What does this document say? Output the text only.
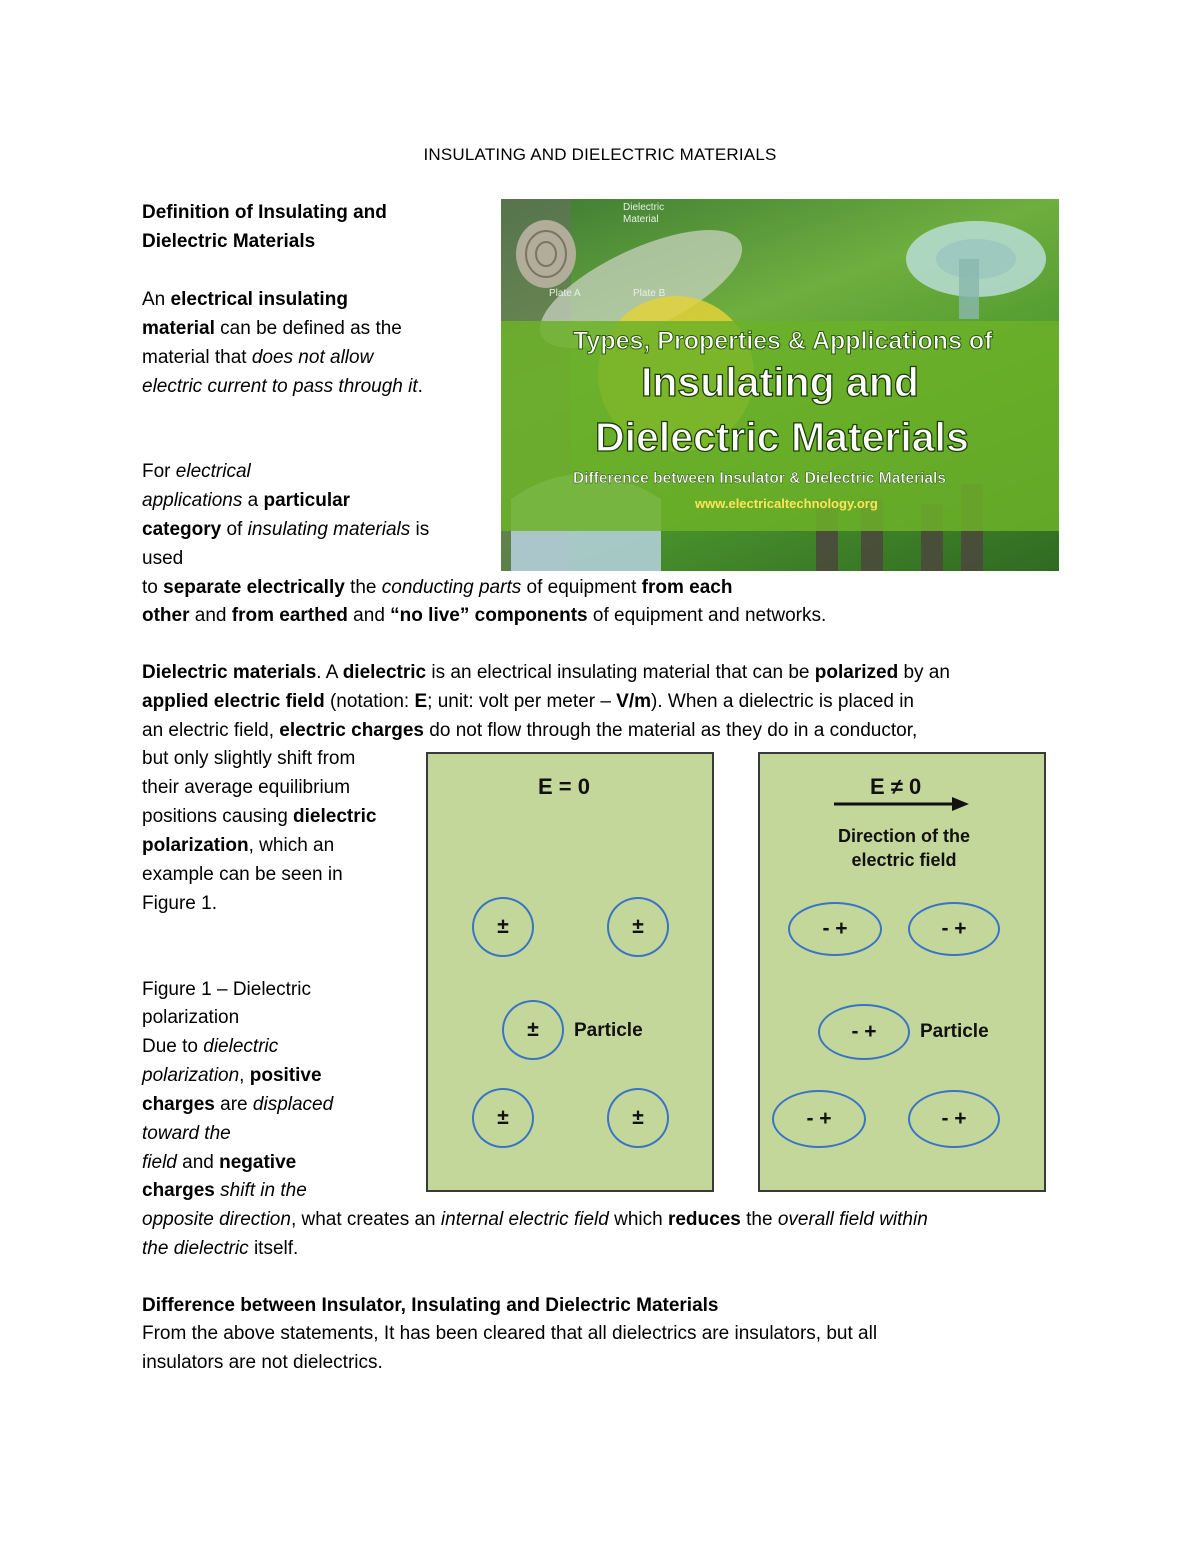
INSULATING AND DIELECTRIC MATERIALS
Definition of Insulating and
Dielectric Materials
An electrical insulating
material can be defined as the
material that does not allow
electric current to pass through it.
For electrical
applications a particular
category of insulating materials is
used
to separate electrically the conducting parts of equipment from each
other and from earthed and “no live” components of equipment and networks.
Dielectric Material
Plate A	Plate B
Types, Properties & Applications of
Insulating and
Dielectric Materials
Difference between Insulator & Dielectric Materials
www.electricaltechnology.org
Dielectric materials. A dielectric is an electrical insulating material that can be polarized by an
applied electric field (notation: E; unit: volt per meter – V/m). When a dielectric is placed in
an electric field, electric charges do not flow through the material as they do in a conductor,
but only slightly shift from
their average equilibrium
positions causing dielectric
polarization, which an
example can be seen in
Figure 1.
Figure 1 – Dielectric
polarization
Due to dielectric
polarization, positive
charges are displaced
toward the
field and negative
charges shift in the
opposite direction, what creates an internal electric field which reduces the overall field within
the dielectric itself.
E = 0
±	±
±	Particle
±	±
E ≠ 0
Direction of the
electric field
- +	- +
- +	Particle
- +	- +
Difference between Insulator, Insulating and Dielectric Materials
From the above statements, It has been cleared that all dielectrics are insulators, but all
insulators are not dielectrics.
